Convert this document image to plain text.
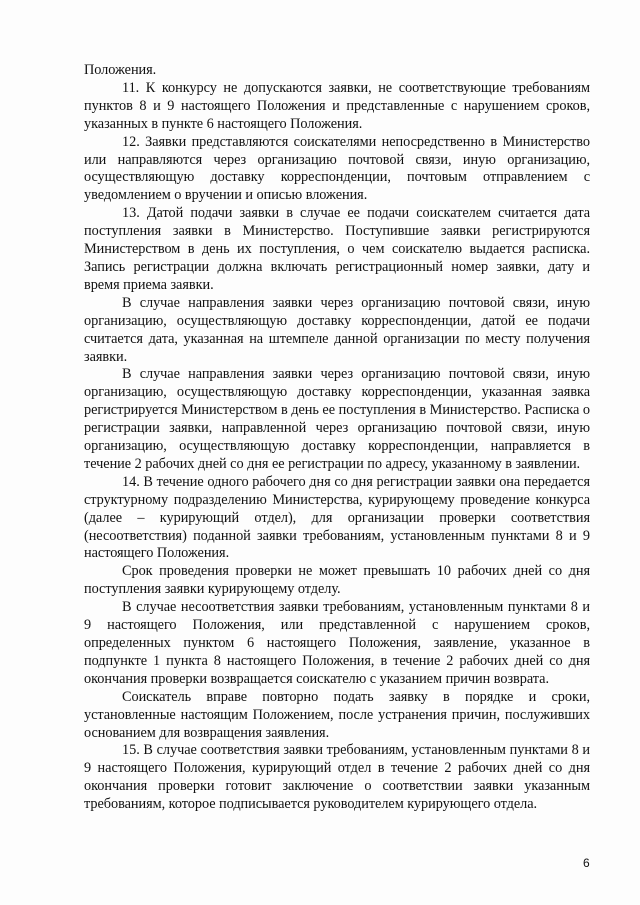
Положения.

11. К конкурсу не допускаются заявки, не соответствующие требованиям пунктов 8 и 9 настоящего Положения и представленные с нарушением сроков, указанных в пункте 6 настоящего Положения.

12. Заявки представляются соискателями непосредственно в Министерство или направляются через организацию почтовой связи, иную организацию, осуществляющую доставку корреспонденции, почтовым отправлением с уведомлением о вручении и описью вложения.

13. Датой подачи заявки в случае ее подачи соискателем считается дата поступления заявки в Министерство. Поступившие заявки регистрируются Министерством в день их поступления, о чем соискателю выдается расписка. Запись регистрации должна включать регистрационный номер заявки, дату и время приема заявки.

В случае направления заявки через организацию почтовой связи, иную организацию, осуществляющую доставку корреспонденции, датой ее подачи считается дата, указанная на штемпеле данной организации по месту получения заявки.

В случае направления заявки через организацию почтовой связи, иную организацию, осуществляющую доставку корреспонденции, указанная заявка регистрируется Министерством в день ее поступления в Министерство. Расписка о регистрации заявки, направленной через организацию почтовой связи, иную организацию, осуществляющую доставку корреспонденции, направляется в течение 2 рабочих дней со дня ее регистрации по адресу, указанному в заявлении.

14. В течение одного рабочего дня со дня регистрации заявки она передается структурному подразделению Министерства, курирующему проведение конкурса (далее – курирующий отдел), для организации проверки соответствия (несоответствия) поданной заявки требованиям, установленным пунктами 8 и 9 настоящего Положения.

Срок проведения проверки не может превышать 10 рабочих дней со дня поступления заявки курирующему отделу.

В случае несоответствия заявки требованиям, установленным пунктами 8 и 9 настоящего Положения, или представленной с нарушением сроков, определенных пунктом 6 настоящего Положения, заявление, указанное в подпункте 1 пункта 8 настоящего Положения, в течение 2 рабочих дней со дня окончания проверки возвращается соискателю с указанием причин возврата.

Соискатель вправе повторно подать заявку в порядке и сроки, установленные настоящим Положением, после устранения причин, послуживших основанием для возвращения заявления.

15. В случае соответствия заявки требованиям, установленным пунктами 8 и 9 настоящего Положения, курирующий отдел в течение 2 рабочих дней со дня окончания проверки готовит заключение о соответствии заявки указанным требованиям, которое подписывается руководителем курирующего отдела.

6
